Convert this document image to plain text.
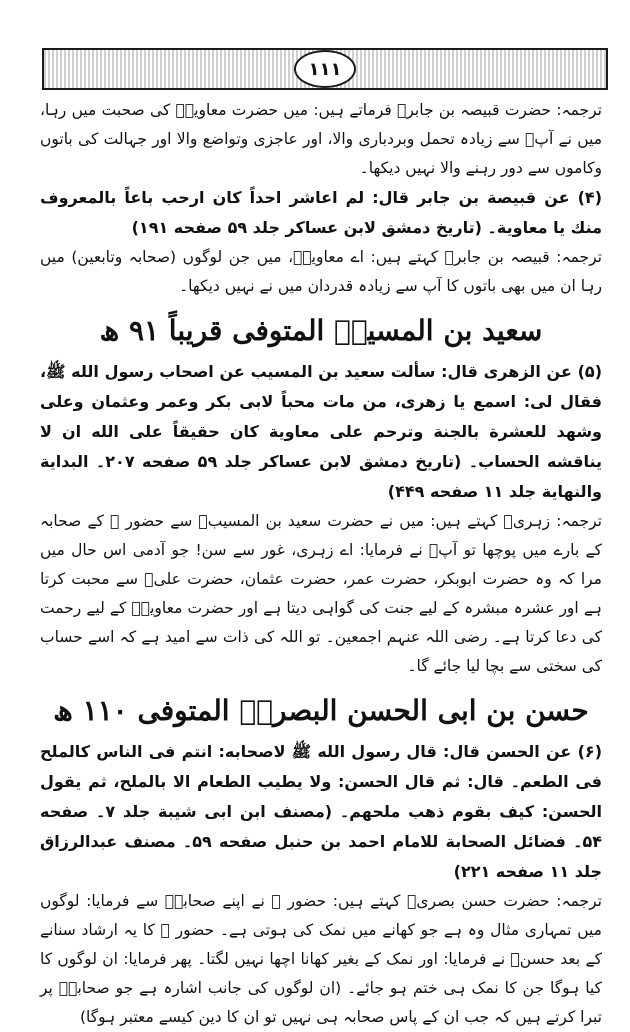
١١١

ترجمہ: حضرت قبیصہ بن جابرؓ فرماتے ہیں: میں حضرت معاویہؓ کی صحبت میں رہا، میں نے آپؓ سے زیادہ تحمل وبردباری والا، اور عاجزی وتواضع والا اور جہالت کی باتوں وکاموں سے دور رہنے والا نہیں دیکھا۔

(۴) عن قبیصة بن جابر قال: لم اعاشر احداً کان ارحب باعاً بالمعروف منك یا معاویة۔ (تاریخ دمشق لابن عساکر جلد ۵۹ صفحه ۱۹۱)

ترجمہ: قبیصہ بن جابرؓ کہتے ہیں: اے معاویہؓ، میں جن لوگوں (صحابہ وتابعین) میں رہا ان میں بھی باتوں کا آپ سے زیادہ قدردان میں نے نہیں دیکھا۔

سعید بن المسیبؒ المتوفی قریباً ۹۱ ھ

(۵) عن الزهری قال: سألت سعید بن المسیب عن اصحاب رسول الله ﷺ، فقال لی: اسمع یا زهری، من مات محباً لابی بکر وعمر وعثمان وعلی وشهد للعشرة بالجنة وترحم علی معاویة کان حقیقاً علی الله ان لا یناقشه الحساب۔ (تاریخ دمشق لابن عساکر جلد ۵۹ صفحه ۲۰۷۔ البدایة والنهایة جلد ۱۱ صفحه ۴۴۹)

ترجمہ: زہریؒ کہتے ہیں: میں نے حضرت سعید بن المسیبؒ سے حضور ﷺ کے صحابہ کے بارے میں پوچھا تو آپؒ نے فرمایا: اے زہری، غور سے سن! جو آدمی اس حال میں مرا کہ وہ حضرت ابوبکر، حضرت عمر، حضرت عثمان، حضرت علیؓ سے محبت کرتا ہے اور عشرہ مبشرہ کے لیے جنت کی گواہی دیتا ہے اور حضرت معاویہؓ کے لیے رحمت کی دعا کرتا ہے۔ رضی اللہ عنہم اجمعین۔ تو اللہ کی ذات سے امید ہے کہ اسے حساب کی سختی سے بچا لیا جائے گا۔

حسن بن ابی الحسن البصریؒ المتوفی ۱۱۰ ھ

(۶) عن الحسن قال: قال رسول الله ﷺ لاصحابه: انتم فی الناس کالملح فی الطعم۔ قال: ثم قال الحسن: ولا یطیب الطعام الا بالملح، ثم یقول الحسن: کیف بقوم ذهب ملحهم۔ (مصنف ابن ابی شیبة جلد ۷۔ صفحه ۵۴۔ فضائل الصحابة للامام احمد بن حنبل صفحه ۵۹۔ مصنف عبدالرزاق جلد ۱۱ صفحه ۲۲۱)

ترجمہ: حضرت حسن بصریؒ کہتے ہیں: حضور ﷺ نے اپنے صحابہؓ سے فرمایا: لوگوں میں تمہاری مثال وہ ہے جو کھانے میں نمک کی ہوتی ہے۔ حضور ﷺ کا یہ ارشاد سنانے کے بعد حسنؒ نے فرمایا: اور نمک کے بغیر کھانا اچھا نہیں لگتا۔ پھر فرمایا: ان لوگوں کا کیا ہوگا جن کا نمک ہی ختم ہو جائے۔ (ان لوگوں کی جانب اشارہ ہے جو صحابہؓ پر تبرا کرتے ہیں کہ جب ان کے پاس صحابہ ہی نہیں تو ان کا دین کیسے معتبر ہوگا)
